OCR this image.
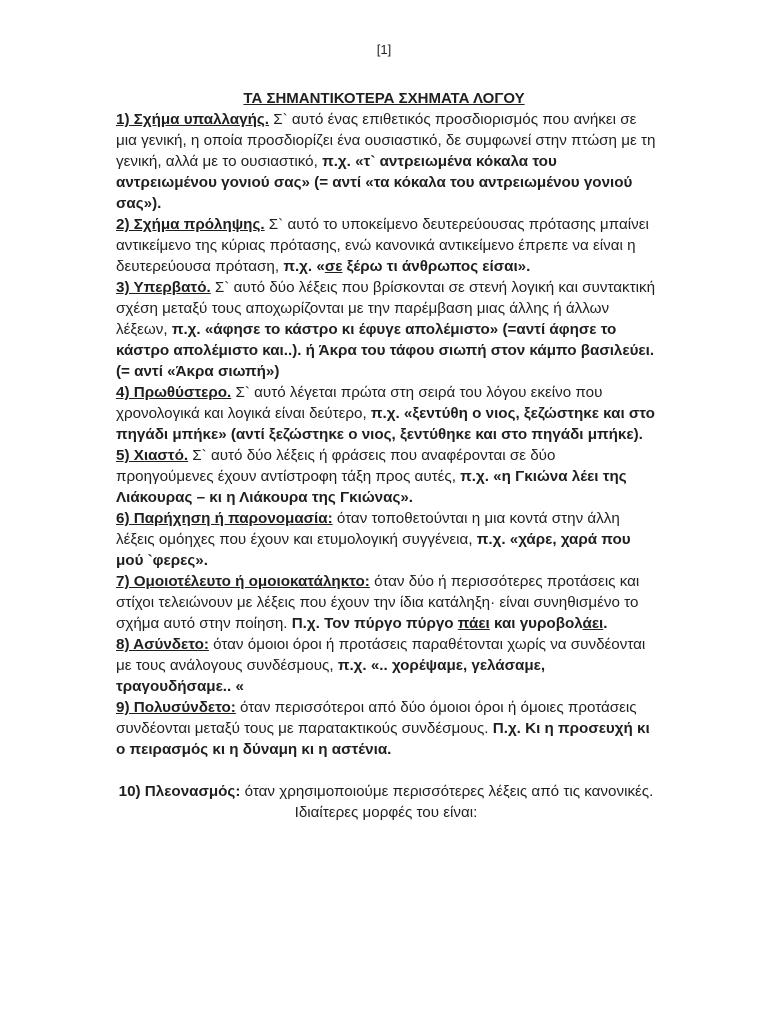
[1]
ΤΑ ΣΗΜΑΝΤΙΚΟΤΕΡΑ ΣΧΗΜΑΤΑ ΛΟΓΟΥ

1) Σχήμα υπαλλαγής. Σ` αυτό ένας επιθετικός προσδιορισμός που ανήκει σε μια γενική, η οποία προσδιορίζει ένα ουσιαστικό, δε συμφωνεί στην πτώση με τη γενική, αλλά με το ουσιαστικό, π.χ. «τ` αντρειωμένα κόκαλα του αντρειωμένου γονιού σας» (= αντί «τα κόκαλα του αντρειωμένου γονιού σας»).

2) Σχήμα πρόληψης. Σ` αυτό το υποκείμενο δευτερεύουσας πρότασης μπαίνει αντικείμενο της κύριας πρότασης, ενώ κανονικά αντικείμενο έπρεπε να είναι η δευτερεύουσα πρόταση, π.χ. «σε ξέρω τι άνθρωπος είσαι».

3) Υπερβατό. Σ` αυτό δύο λέξεις που βρίσκονται σε στενή λογική και συντακτική σχέση μεταξύ τους αποχωρίζονται με την παρέμβαση μιας άλλης ή άλλων λέξεων, π.χ. «άφησε το κάστρο κι έφυγε απολέμιστο» (=αντί άφησε το κάστρο απολέμιστο και..). ή Άκρα του τάφου σιωπή στον κάμπο βασιλεύει.(= αντί «Άκρα σιωπή»)

4) Πρωθύστερο. Σ` αυτό λέγεται πρώτα στη σειρά του λόγου εκείνο που χρονολογικά και λογικά είναι δεύτερο, π.χ. «ξεντύθη ο νιος, ξεζώστηκε και στο πηγάδι μπήκε» (αντί ξεζώστηκε ο νιος, ξεντύθηκε και στο πηγάδι μπήκε).

5) Χιαστό. Σ` αυτό δύο λέξεις ή φράσεις που αναφέρονται σε δύο προηγούμενες έχουν αντίστροφη τάξη προς αυτές, π.χ. «η Γκιώνα λέει της Λιάκουρας – κι η Λιάκουρα της Γκιώνας».

6) Παρήχηση ή παρονομασία: όταν τοποθετούνται η μια κοντά στην άλλη λέξεις ομόηχες που έχουν και ετυμολογική συγγένεια, π.χ. «χάρε, χαρά που μού `φερες».

7) Ομοιοτέλευτο ή ομοιοκατάληκτο: όταν δύο ή περισσότερες προτάσεις και στίχοι τελειώνουν με λέξεις που έχουν την ίδια κατάληξη· είναι συνηθισμένο το σχήμα αυτό στην ποίηση. Π.χ. Τον πύργο πύργο πάει και γυροβολάει.

8) Ασύνδετο: όταν όμοιοι όροι ή προτάσεις παραθέτονται χωρίς να συνδέονται με τους ανάλογους συνδέσμους, π.χ. «.. χορέψαμε, γελάσαμε, τραγουδήσαμε.. «

9) Πολυσύνδετο: όταν περισσότεροι από δύο όμοιοι όροι ή όμοιες προτάσεις συνδέονται μεταξύ τους με παρατακτικούς συνδέσμους. Π.χ. Κι η προσευχή κι ο πειρασμός κι η δύναμη κι η αστένια.

10) Πλεονασμός: όταν χρησιμοποιούμε περισσότερες λέξεις από τις κανονικές. Ιδιαίτερες μορφές του είναι:
